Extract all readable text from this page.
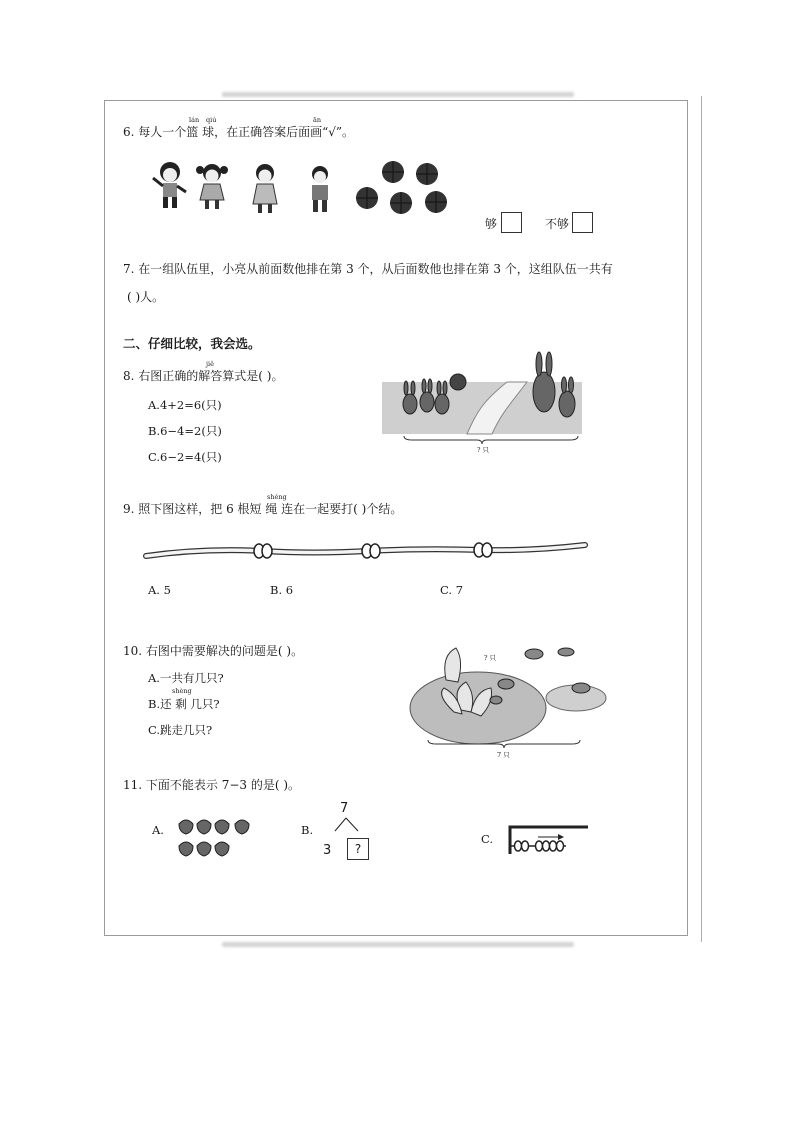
lán qiú	ān
6. 每人一个篮 球，在正确答案后面画“√”。
够	不够
7. 在一组队伍里，小亮从前面数他排在第 3 个，从后面数他也排在第 3 个，这组队伍一共有
( )人。
二、仔细比较，我会选。
jiě
8. 右图正确的解答算式是( )。
A.4+2=6(只)
B.6−4=2(只)
C.6−2=4(只)	? 只
shéng
9. 照下图这样，把 6 根短 绳 连在一起要打( )个结。
A. 5	B. 6	C. 7
10. 右图中需要解决的问题是( )。
A.一共有几只?
shèng
B.还 剩 几只?
C.跳走几只?
? 只
7 只
11. 下面不能表示 7−3 的是( )。
A.	B.
7
3	?
C.
